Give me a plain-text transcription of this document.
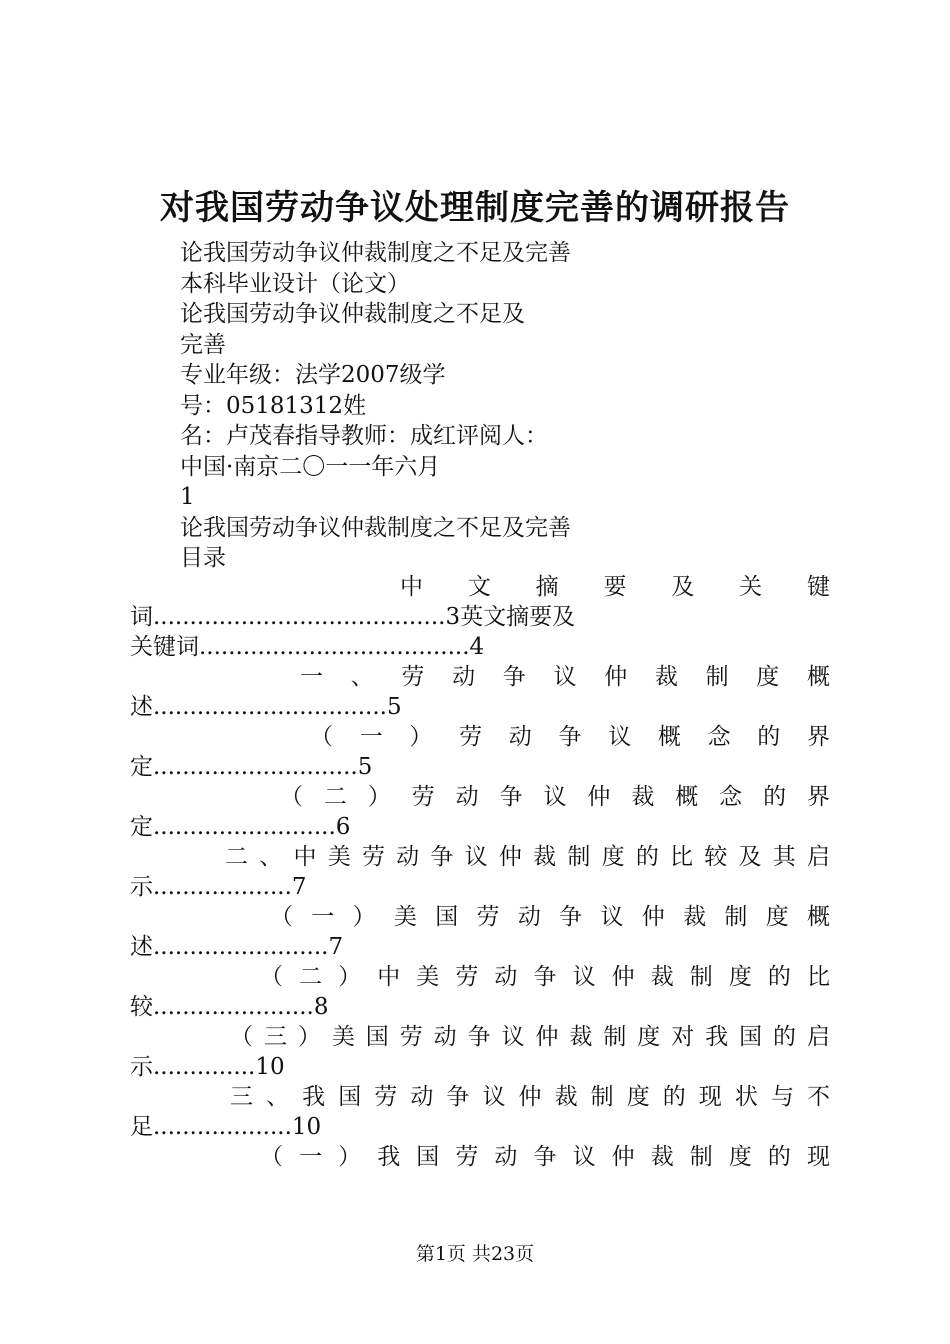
对我国劳动争议处理制度完善的调研报告
论我国劳动争议仲裁制度之不足及完善
本科毕业设计（论文）
论我国劳动争议仲裁制度之不足及
完善
专业年级：法学2007级学
号：05181312姓
名：卢茂春指导教师：成红评阅人：
中国·南京二〇一一年六月
1
论我国劳动争议仲裁制度之不足及完善
目录
中文摘要及关键
词........................................3英文摘要及
关键词.....................................4
一、劳动争议仲裁制度概
述................................5
（一）劳动争议概念的界
定............................5
（二）劳动争议仲裁概念的界
定.........................6
二、中美劳动争议仲裁制度的比较及其启
示...................7
（一）美国劳动争议仲裁制度概
述........................7
（二）中美劳动争议仲裁制度的比
较......................8
（三）美国劳动争议仲裁制度对我国的启
示..............10
三、我国劳动争议仲裁制度的现状与不
足...................10
（一）我国劳动争议仲裁制度的现
第1页 共23页
